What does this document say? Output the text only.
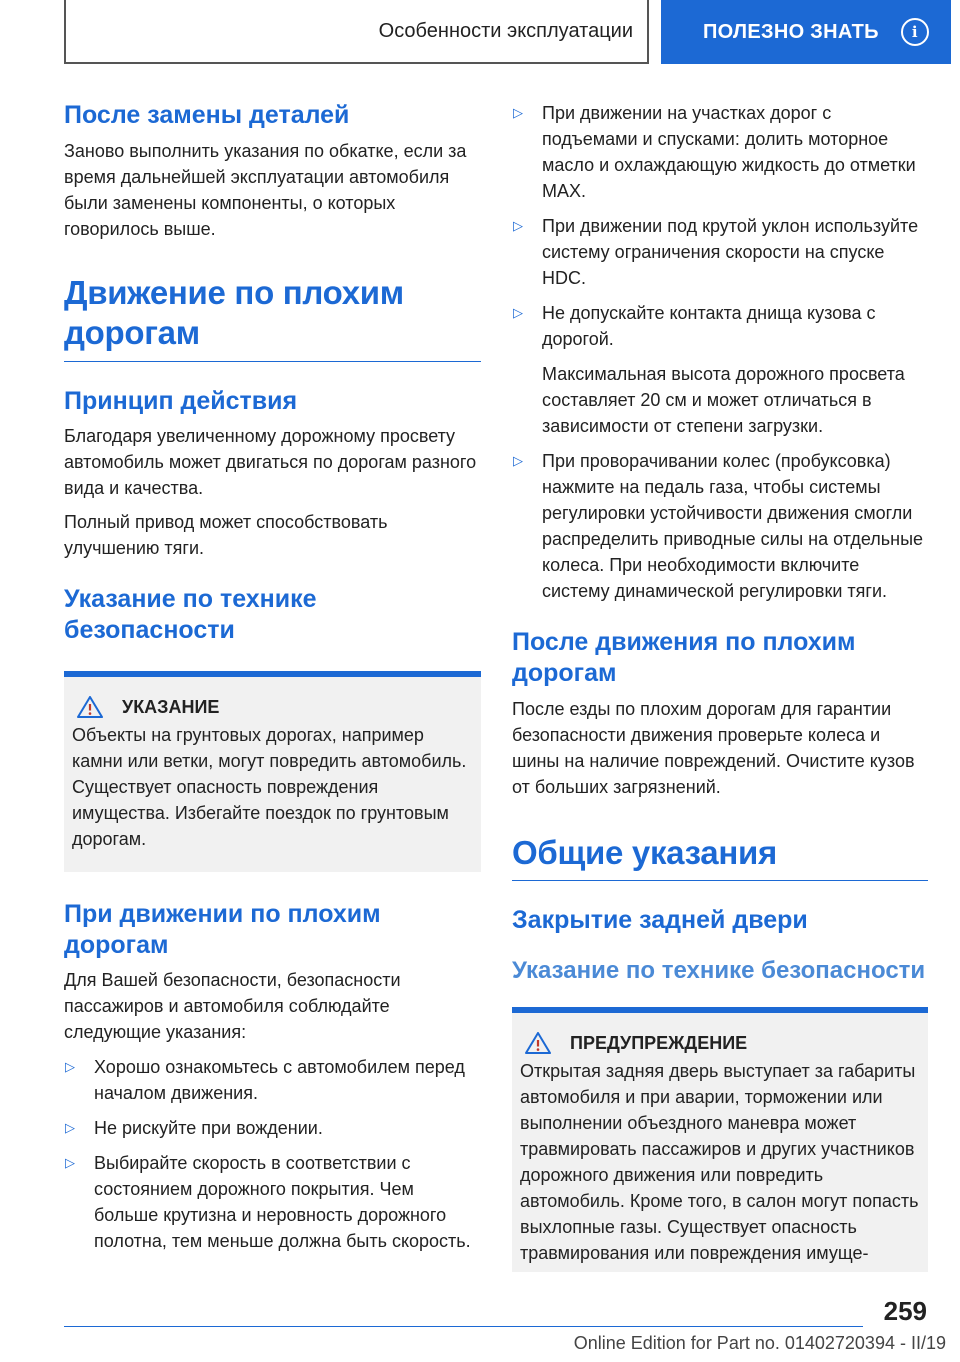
Особенности эксплуатации	ПОЛЕЗНО ЗНАТЬ	i
После замены деталей

Заново выполнить указания по обкатке, если за время дальнейшей эксплуатации автомобиля были заменены компоненты, о которых говорилось выше.

Движение по плохим дорогам
Принцип действия

Благодаря увеличенному дорожному просвету автомобиль может двигаться по дорогам разного вида и качества.

Полный привод может способствовать улучшению тяги.

Указание по технике безопасности
УКАЗАНИЕ

Объекты на грунтовых дорогах, например камни или ветки, могут повредить автомобиль. Существует опасность повреждения имущества. Избегайте поездок по грунтовым дорогам.

При движении по плохим дорогам

Для Вашей безопасности, безопасности пассажиров и автомобиля соблюдайте следующие указания:

▷ Хорошо ознакомьтесь с автомобилем перед началом движения.
▷ Не рискуйте при вождении.
▷ Выбирайте скорость в соответствии с состоянием дорожного покрытия. Чем больше крутизна и неровность дорожного полотна, тем меньше должна быть скорость.
▷ При движении на участках дорог с подъемами и спусками: долить моторное масло и охлаждающую жидкость до отметки MAX.
▷ При движении под крутой уклон используйте систему ограничения скорости на спуске HDC.
▷ Не допускайте контакта днища кузова с дорогой.

Максимальная высота дорожного просвета составляет 20 см и может отличаться в зависимости от степени загрузки.

▷ При проворачивании колес (пробуксовка) нажмите на педаль газа, чтобы системы регулировки устойчивости движения смогли распределить приводные силы на отдельные колеса. При необходимости включите систему динамической регулировки тяги.
После движения по плохим дорогам

После езды по плохим дорогам для гарантии безопасности движения проверьте колеса и шины на наличие повреждений. Очистите кузов от больших загрязнений.

Общие указания
Закрытие задней двери
Указание по технике безопасности
ПРЕДУПРЕЖДЕНИЕ

Открытая задняя дверь выступает за габариты автомобиля и при аварии, торможении или выполнении объездного маневра может травмировать пассажиров и других участников дорожного движения или повредить автомобиль. Кроме того, в салон могут попасть выхлопные газы. Существует опасность травмирования или повреждения имуще-

259
Online Edition for Part no. 01402720394 - II/19
